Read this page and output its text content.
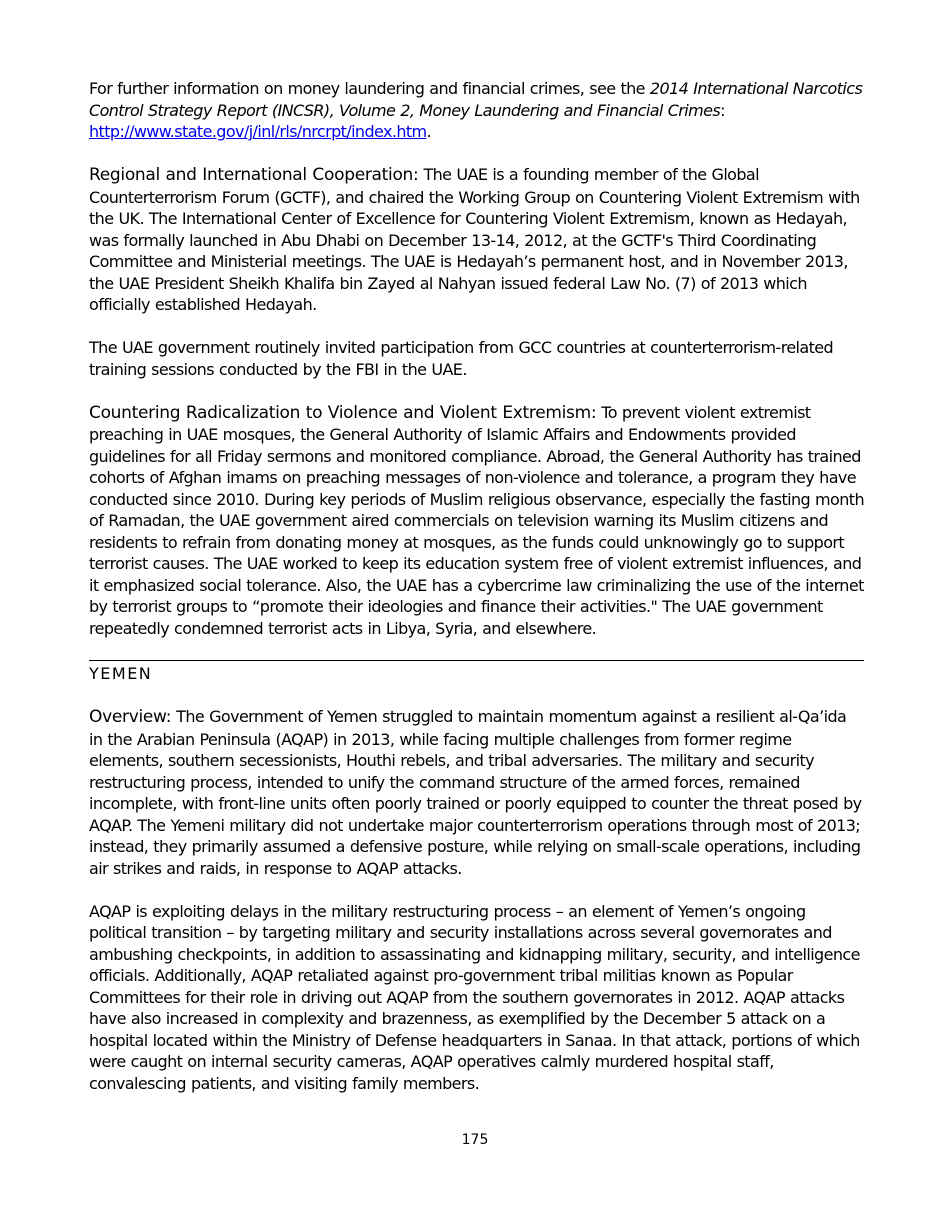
For further information on money laundering and financial crimes, see the 2014 International Narcotics Control Strategy Report (INCSR), Volume 2, Money Laundering and Financial Crimes: http://www.state.gov/j/inl/rls/nrcrpt/index.htm.

Regional and International Cooperation: The UAE is a founding member of the Global Counterterrorism Forum (GCTF), and chaired the Working Group on Countering Violent Extremism with the UK. The International Center of Excellence for Countering Violent Extremism, known as Hedayah, was formally launched in Abu Dhabi on December 13-14, 2012, at the GCTF's Third Coordinating Committee and Ministerial meetings. The UAE is Hedayah’s permanent host, and in November 2013, the UAE President Sheikh Khalifa bin Zayed al Nahyan issued federal Law No. (7) of 2013 which officially established Hedayah.

The UAE government routinely invited participation from GCC countries at counterterrorism-related training sessions conducted by the FBI in the UAE.

Countering Radicalization to Violence and Violent Extremism: To prevent violent extremist preaching in UAE mosques, the General Authority of Islamic Affairs and Endowments provided guidelines for all Friday sermons and monitored compliance. Abroad, the General Authority has trained cohorts of Afghan imams on preaching messages of non-violence and tolerance, a program they have conducted since 2010. During key periods of Muslim religious observance, especially the fasting month of Ramadan, the UAE government aired commercials on television warning its Muslim citizens and residents to refrain from donating money at mosques, as the funds could unknowingly go to support terrorist causes. The UAE worked to keep its education system free of violent extremist influences, and it emphasized social tolerance. Also, the UAE has a cybercrime law criminalizing the use of the internet by terrorist groups to “promote their ideologies and finance their activities." The UAE government repeatedly condemned terrorist acts in Libya, Syria, and elsewhere.

YEMEN

Overview: The Government of Yemen struggled to maintain momentum against a resilient al-Qa’ida in the Arabian Peninsula (AQAP) in 2013, while facing multiple challenges from former regime elements, southern secessionists, Houthi rebels, and tribal adversaries. The military and security restructuring process, intended to unify the command structure of the armed forces, remained incomplete, with front-line units often poorly trained or poorly equipped to counter the threat posed by AQAP. The Yemeni military did not undertake major counterterrorism operations through most of 2013; instead, they primarily assumed a defensive posture, while relying on small-scale operations, including air strikes and raids, in response to AQAP attacks.

AQAP is exploiting delays in the military restructuring process – an element of Yemen’s ongoing political transition – by targeting military and security installations across several governorates and ambushing checkpoints, in addition to assassinating and kidnapping military, security, and intelligence officials. Additionally, AQAP retaliated against pro-government tribal militias known as Popular Committees for their role in driving out AQAP from the southern governorates in 2012. AQAP attacks have also increased in complexity and brazenness, as exemplified by the December 5 attack on a hospital located within the Ministry of Defense headquarters in Sanaa. In that attack, portions of which were caught on internal security cameras, AQAP operatives calmly murdered hospital staff, convalescing patients, and visiting family members.

175
